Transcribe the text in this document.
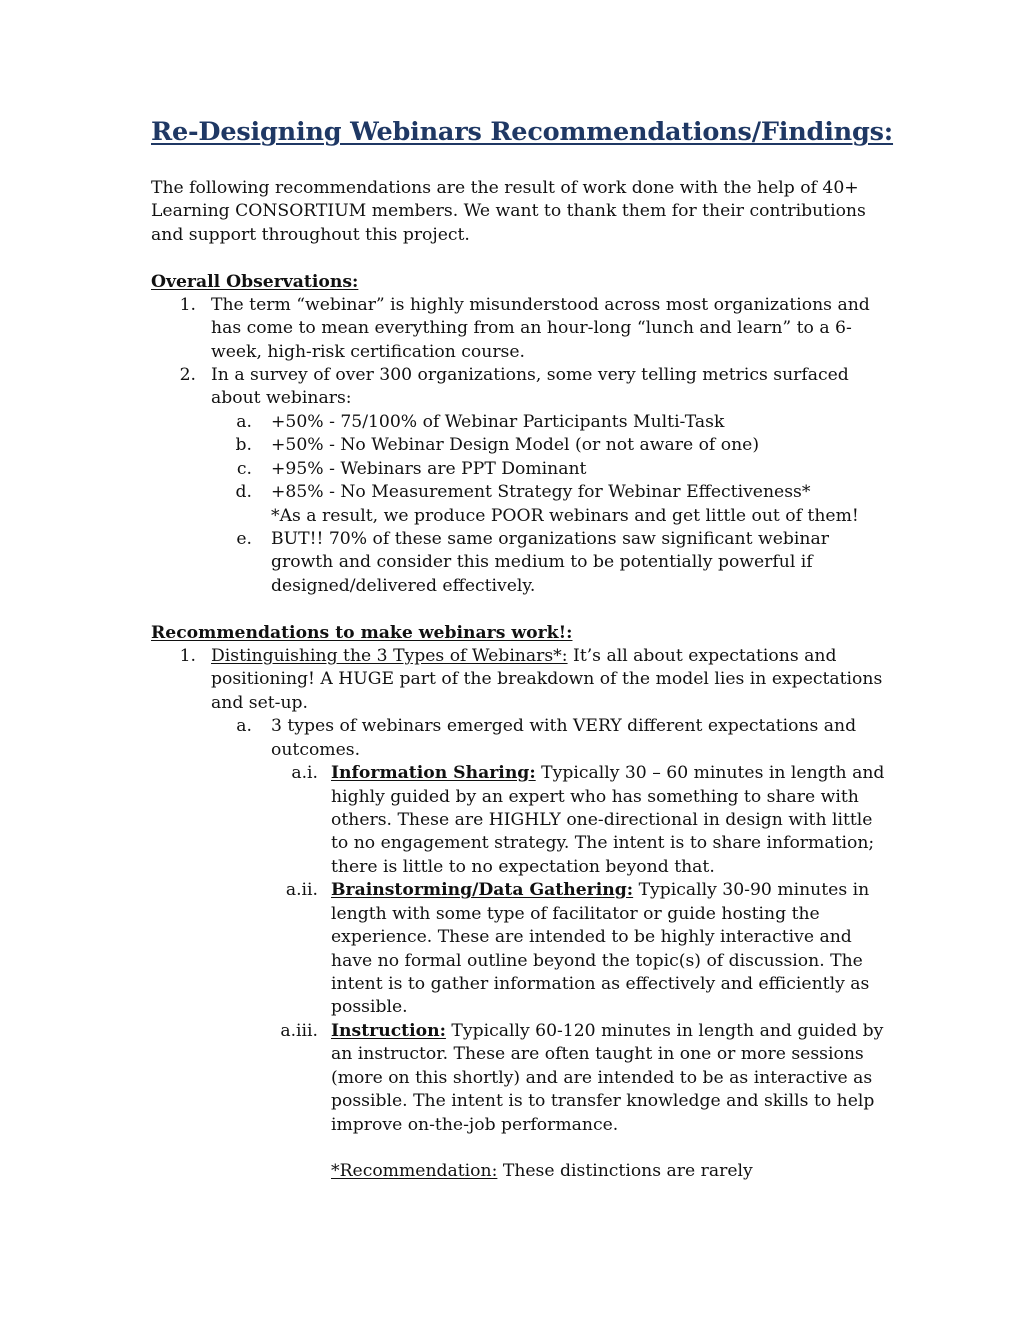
Re-Designing Webinars Recommendations/Findings:
The following recommendations are the result of work done with the help of 40+
Learning CONSORTIUM members. We want to thank them for their contributions
and support throughout this project.
Overall Observations:
1. The term “webinar” is highly misunderstood across most organizations and
has come to mean everything from an hour-long “lunch and learn” to a 6-
week, high-risk certification course.
2. In a survey of over 300 organizations, some very telling metrics surfaced
about webinars:
a. +50% - 75/100% of Webinar Participants Multi-Task
b. +50% - No Webinar Design Model (or not aware of one)
c. +95% - Webinars are PPT Dominant
d. +85% - No Measurement Strategy for Webinar Effectiveness*
*As a result, we produce POOR webinars and get little out of them!
e. BUT!! 70% of these same organizations saw significant webinar
growth and consider this medium to be potentially powerful if
designed/delivered effectively.
Recommendations to make webinars work!:
1. Distinguishing the 3 Types of Webinars*: It’s all about expectations and
positioning! A HUGE part of the breakdown of the model lies in expectations
and set-up.
a. 3 types of webinars emerged with VERY different expectations and
outcomes.
a.i. Information Sharing: Typically 30 – 60 minutes in length and
highly guided by an expert who has something to share with
others. These are HIGHLY one-directional in design with little
to no engagement strategy. The intent is to share information;
there is little to no expectation beyond that.
a.ii. Brainstorming/Data Gathering: Typically 30-90 minutes in
length with some type of facilitator or guide hosting the
experience. These are intended to be highly interactive and
have no formal outline beyond the topic(s) of discussion. The
intent is to gather information as effectively and efficiently as
possible.
a.iii. Instruction: Typically 60-120 minutes in length and guided by
an instructor. These are often taught in one or more sessions
(more on this shortly) and are intended to be as interactive as
possible. The intent is to transfer knowledge and skills to help
improve on-the-job performance.
*Recommendation: These distinctions are rarely
